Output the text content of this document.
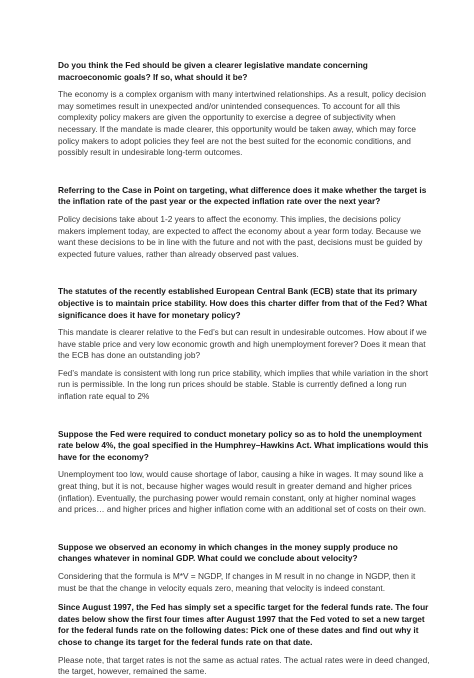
Do you think the Fed should be given a clearer legislative mandate concerning macroeconomic goals? If so, what should it be?
The economy is a complex organism with many intertwined relationships. As a result, policy decision may sometimes result in unexpected and/or unintended consequences. To account for all this complexity policy makers are given the opportunity to exercise a degree of subjectivity when necessary. If the mandate is made clearer, this opportunity would be taken away, which may force policy makers to adopt policies they feel are not the best suited for the economic conditions, and possibly result in undesirable long-term outcomes.
Referring to the Case in Point on targeting, what difference does it make whether the target is the inflation rate of the past year or the expected inflation rate over the next year?
Policy decisions take about 1-2 years to affect the economy. This implies, the decisions policy makers implement today, are expected to affect the economy about a year form today. Because we want these decisions to be in line with the future and not with the past, decisions must be guided by expected future values, rather than already observed past values.
The statutes of the recently established European Central Bank (ECB) state that its primary objective is to maintain price stability. How does this charter differ from that of the Fed? What significance does it have for monetary policy?
This mandate is clearer relative to the Fed’s but can result in undesirable outcomes. How about if we have stable price and very low economic growth and high unemployment forever? Does it mean that the ECB has done an outstanding job?
Fed’s mandate is consistent with long run price stability, which implies that while variation in the short run is permissible. In the long run prices should be stable. Stable is currently defined a long run inflation rate equal to 2%
Suppose the Fed were required to conduct monetary policy so as to hold the unemployment rate below 4%, the goal specified in the Humphrey–Hawkins Act. What implications would this have for the economy?
Unemployment too low, would cause shortage of labor, causing a hike in wages. It may sound like a great thing, but it is not, because higher wages would result in greater demand and higher prices (inflation). Eventually, the purchasing power would remain constant, only at higher nominal wages and prices… and higher prices and higher inflation come with an additional set of costs on their own.
Suppose we observed an economy in which changes in the money supply produce no changes whatever in nominal GDP. What could we conclude about velocity?
Considering that the formula is M*V = NGDP, If changes in M result in no change in NGDP, then it must be that the change in velocity equals zero, meaning that velocity is indeed constant.
Since August 1997, the Fed has simply set a specific target for the federal funds rate. The four dates below show the first four times after August 1997 that the Fed voted to set a new target for the federal funds rate on the following dates: Pick one of these dates and find out why it chose to change its target for the federal funds rate on that date.
Please note, that target rates is not the same as actual rates. The actual rates were in deed changed, the target, however, remained the same.
